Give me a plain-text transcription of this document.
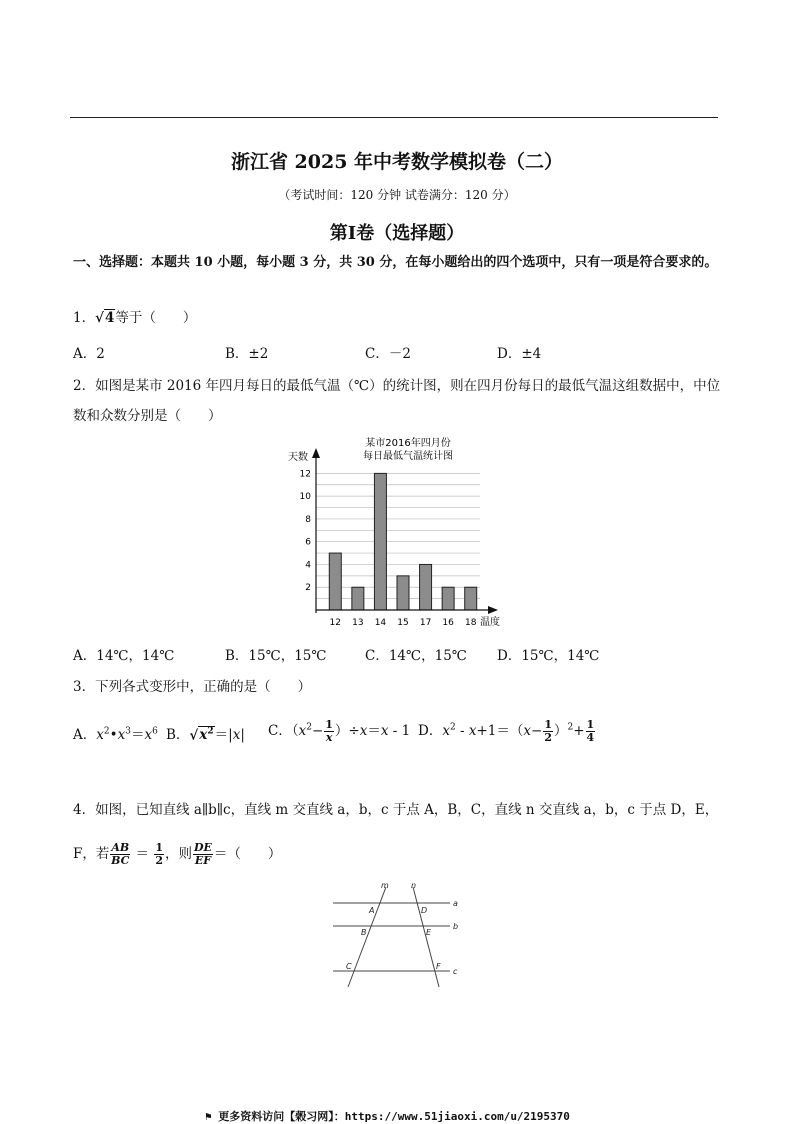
浙江省 2025 年中考数学模拟卷（二）
（考试时间：120 分钟 试卷满分：120 分）
第Ⅰ卷（选择题）
一、选择题：本题共 10 小题，每小题 3 分，共 30 分，在每小题给出的四个选项中，只有一项是符合要求的。
1．√4等于（　　）
A．2	B．±2	C．－2	D．±4
2．如图是某市 2016 年四月每日的最低气温（℃）的统计图，则在四月份每日的最低气温这组数据中，中位
数和众数分别是（　　）
某市2016年四月份
每日最低气温统计图
天数
温度
2
4
6
8
10
12
12 13 14 15 17 16 18
A．14℃，14℃	B．15℃，15℃	C．14℃，15℃ D．15℃，14℃
3．下列各式变形中，正确的是（　　）
A．$x^2•x^3=x^6$ B．$√x^2=|x|$ C．$(x^2- \frac{1}{x} )\div x=x - 1$ D．$x^2 - x+1=(x- \frac{1}{2} )^2+ \frac{1}{4}$
4．如图，已知直线 a∥b∥c，直线 m 交直线 a，b，c 于点 A，B，C，直线 n 交直线 a，b，c 于点 D，E，
F，若 $\frac{AB}{BC} = \frac{1}{2}$ ，则 $\frac{DE}{EF}$ ＝（　　）
m	n
a
b
c
A
B
C
D
E
F
⚑ 更多资料访问【榖习网】：https://www.51jiaoxi.com/u/2195370
